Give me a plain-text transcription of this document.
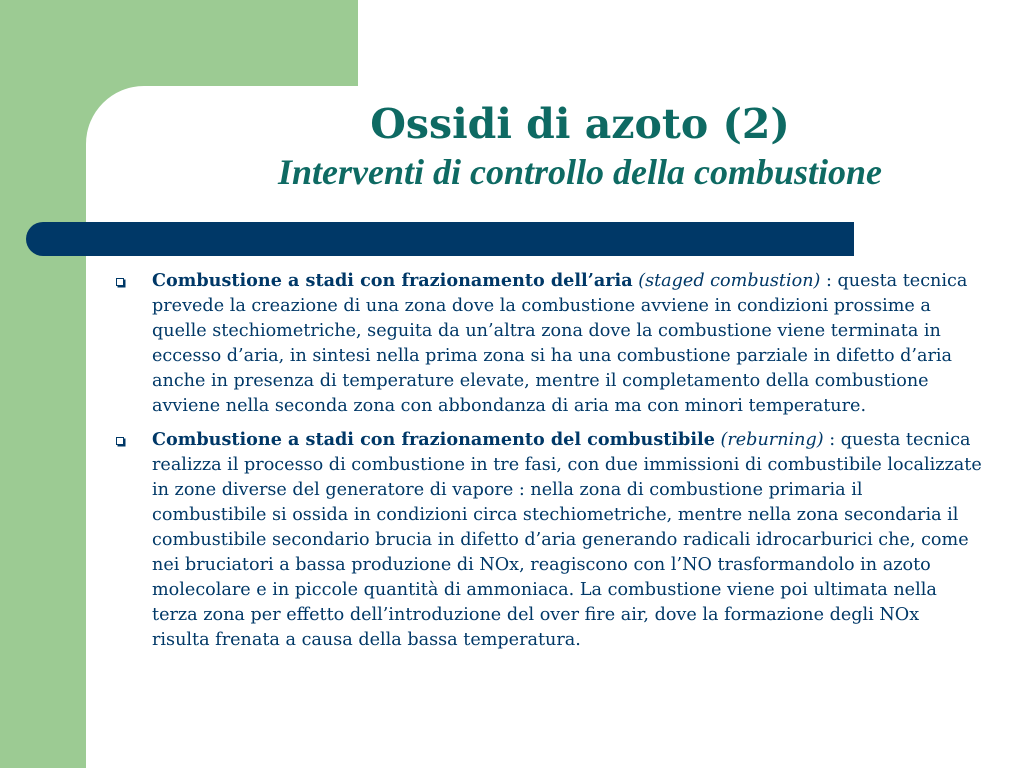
Ossidi di azoto (2)
Interventi di controllo della combustione

Combustione a stadi con frazionamento dell’aria (staged combustion) : questa tecnica prevede la creazione di una zona dove la combustione avviene in condizioni prossime a quelle stechiometriche, seguita da un’altra zona dove la combustione viene terminata in eccesso d’aria, in sintesi nella prima zona si ha una combustione parziale in difetto d’aria anche in presenza di temperature elevate, mentre il completamento della combustione avviene nella seconda zona con abbondanza di aria ma con minori temperature.

Combustione a stadi con frazionamento del combustibile (reburning) : questa tecnica realizza il processo di combustione in tre fasi, con due immissioni di combustibile localizzate in zone diverse del generatore di vapore : nella zona di combustione primaria il combustibile si ossida in condizioni circa stechiometriche, mentre nella zona secondaria il combustibile secondario brucia in difetto d’aria generando radicali idrocarburici che, come nei bruciatori a bassa produzione di NOx, reagiscono con l’NO trasformandolo in azoto molecolare e in piccole quantità di ammoniaca. La combustione viene poi ultimata nella terza zona per effetto dell’introduzione del over fire air, dove la formazione degli NOx risulta frenata a causa della bassa temperatura.
